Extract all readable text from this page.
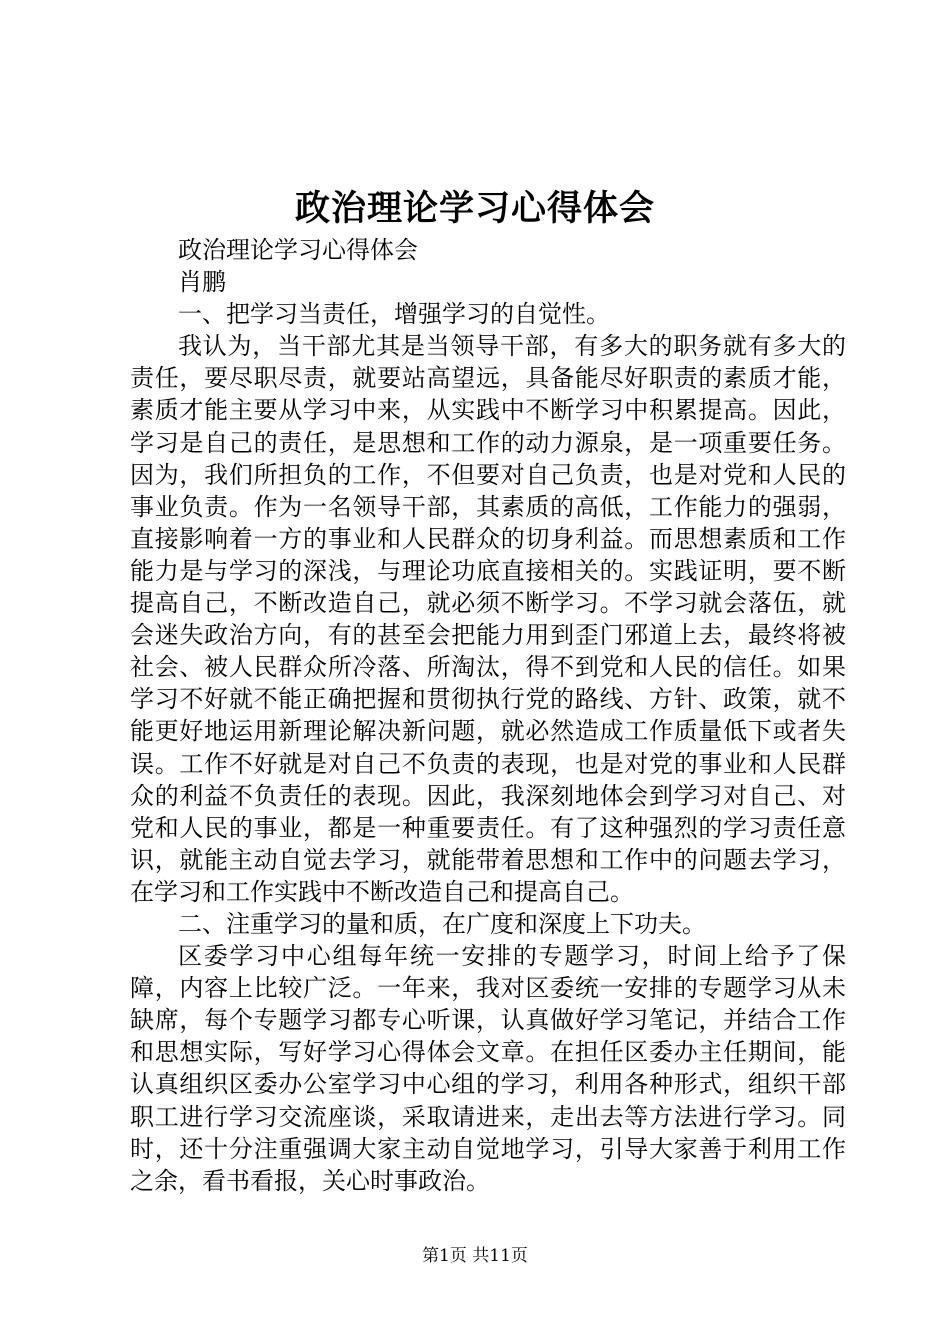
政治理论学习心得体会

政治理论学习心得体会

肖鹏

一、把学习当责任，增强学习的自觉性。

我认为，当干部尤其是当领导干部，有多大的职务就有多大的责任，要尽职尽责，就要站高望远，具备能尽好职责的素质才能，素质才能主要从学习中来，从实践中不断学习中积累提高。因此，学习是自己的责任，是思想和工作的动力源泉，是一项重要任务。因为，我们所担负的工作，不但要对自己负责，也是对党和人民的事业负责。作为一名领导干部，其素质的高低，工作能力的强弱，直接影响着一方的事业和人民群众的切身利益。而思想素质和工作能力是与学习的深浅，与理论功底直接相关的。实践证明，要不断提高自己，不断改造自己，就必须不断学习。不学习就会落伍，就会迷失政治方向，有的甚至会把能力用到歪门邪道上去，最终将被社会、被人民群众所冷落、所淘汰，得不到党和人民的信任。如果学习不好就不能正确把握和贯彻执行党的路线、方针、政策，就不能更好地运用新理论解决新问题，就必然造成工作质量低下或者失误。工作不好就是对自己不负责的表现，也是对党的事业和人民群众的利益不负责任的表现。因此，我深刻地体会到学习对自己、对党和人民的事业，都是一种重要责任。有了这种强烈的学习责任意识，就能主动自觉去学习，就能带着思想和工作中的问题去学习，在学习和工作实践中不断改造自己和提高自己。

二、注重学习的量和质，在广度和深度上下功夫。

区委学习中心组每年统一安排的专题学习，时间上给予了保障，内容上比较广泛。一年来，我对区委统一安排的专题学习从未缺席，每个专题学习都专心听课，认真做好学习笔记，并结合工作和思想实际，写好学习心得体会文章。在担任区委办主任期间，能认真组织区委办公室学习中心组的学习，利用各种形式，组织干部职工进行学习交流座谈，采取请进来，走出去等方法进行学习。同时，还十分注重强调大家主动自觉地学习，引导大家善于利用工作之余，看书看报，关心时事政治。

第1页 共11页
